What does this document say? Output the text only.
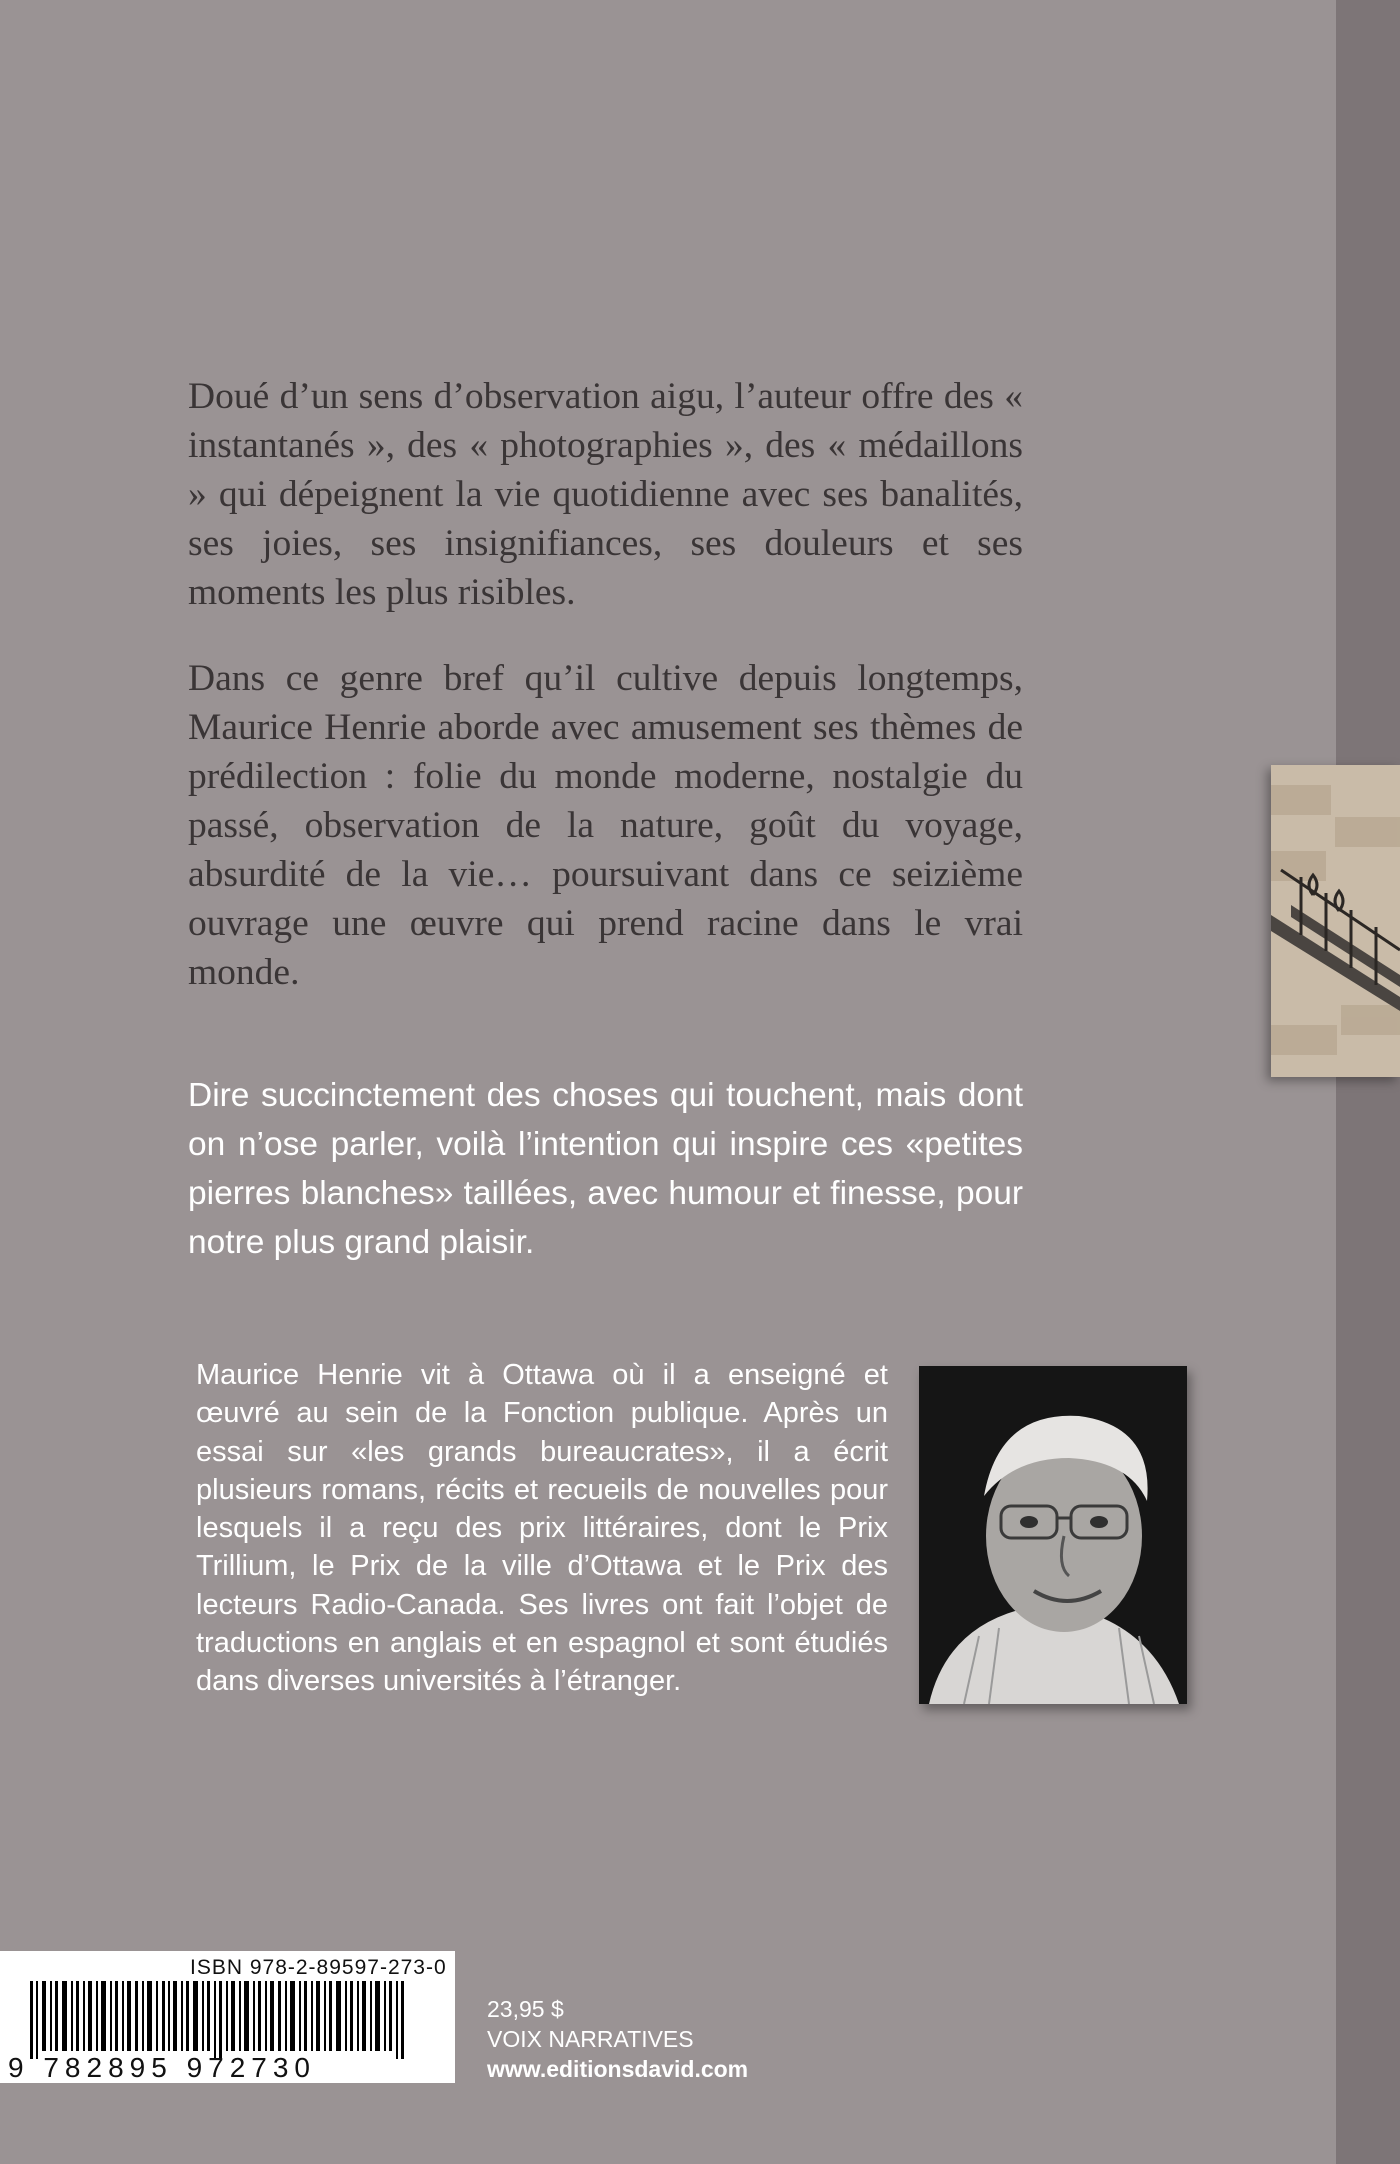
Doué d’un sens d’observation aigu, l’auteur offre des « instantanés », des « photographies », des « médaillons » qui dépeignent la vie quotidienne avec ses banalités, ses joies, ses insignifiances, ses douleurs et ses moments les plus risibles.

Dans ce genre bref qu’il cultive depuis longtemps, Maurice Henrie aborde avec amusement ses thèmes de prédilection : folie du monde moderne, nostalgie du passé, observation de la nature, goût du voyage, absurdité de la vie… poursuivant dans ce seizième ouvrage une œuvre qui prend racine dans le vrai monde.

Dire succinctement des choses qui touchent, mais dont on n’ose parler, voilà l’intention qui inspire ces «petites pierres blanches» taillées, avec humour et finesse, pour notre plus grand plaisir.

Maurice Henrie vit à Ottawa où il a enseigné et œuvré au sein de la Fonction publique. Après un essai sur «les grands bureaucrates», il a écrit plusieurs romans, récits et recueils de nouvelles pour lesquels il a reçu des prix littéraires, dont le Prix Trillium, le Prix de la ville d’Ottawa et le Prix des lecteurs Radio-Canada. Ses livres ont fait l’objet de traductions en anglais et en espagnol et sont étudiés dans diverses universités à l’étranger.

ISBN 978-2-89597-273-0
9 782895 972730
23,95 $
VOIX NARRATIVES
www.editionsdavid.com
